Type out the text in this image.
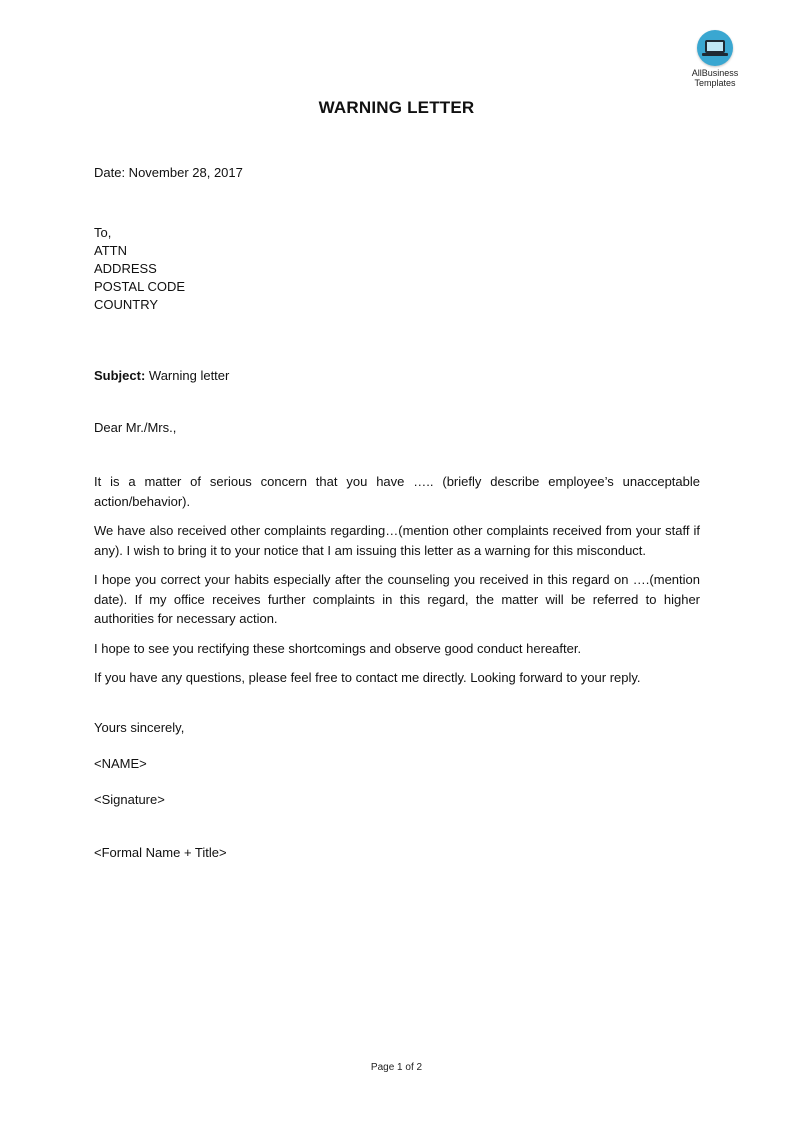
AllBusiness
Templates
WARNING LETTER
Date: November 28, 2017
To,
ATTN
ADDRESS
POSTAL CODE
COUNTRY
Subject: Warning letter
Dear Mr./Mrs.,

It is a matter of serious concern that you have ….. (briefly describe employee’s unacceptable action/behavior).

We have also received other complaints regarding…(mention other complaints received from your staff if any). I wish to bring it to your notice that I am issuing this letter as a warning for this misconduct.

I hope you correct your habits especially after the counseling you received in this regard on ….(mention date). If my office receives further complaints in this regard, the matter will be referred to higher authorities for necessary action.

I hope to see you rectifying these shortcomings and observe good conduct hereafter.

If you have any questions, please feel free to contact me directly. Looking forward to your reply.

Yours sincerely,
<NAME>
<Signature>
<Formal Name + Title>
Page 1 of 2
